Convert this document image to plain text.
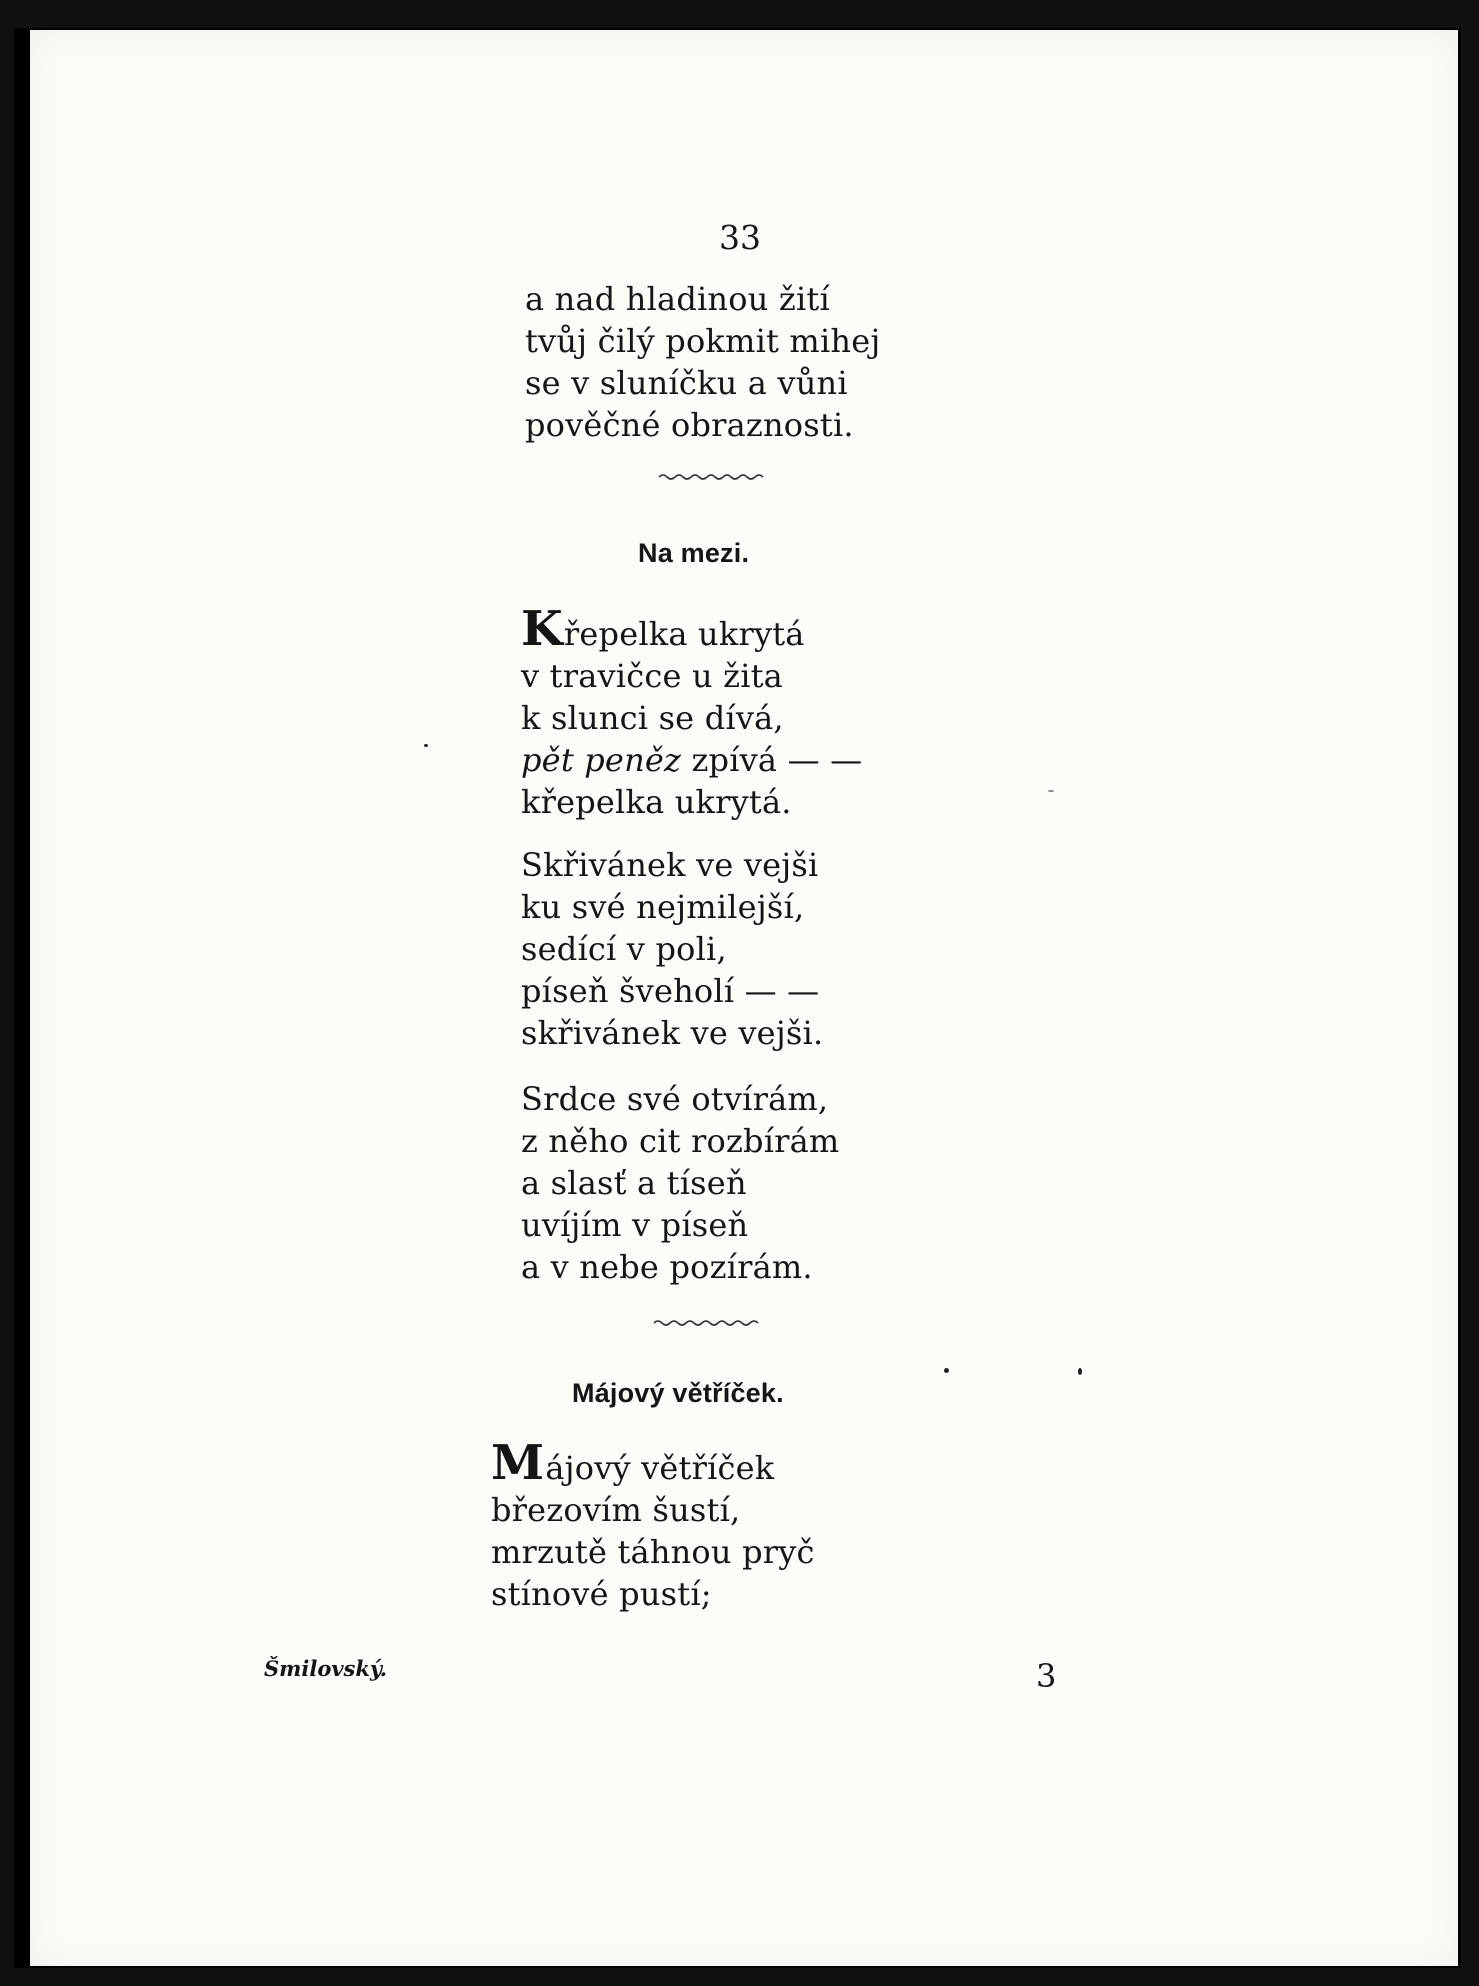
33
a nad hladinou žití
tvůj čilý pokmit mihej
se v sluníčku a vůni
pověčné obraznosti.
Na mezi.
Křepelka ukrytá
v travičce u žita
k slunci se dívá,
pět peněz zpívá — —
křepelka ukrytá.
Skřivánek ve vejši
ku své nejmilejší,
sedící v poli,
píseň šveholí — —
skřivánek ve vejši.
Srdce své otvírám,
z něho cit rozbírám
a slasť a tíseň
uvíjím v píseň
a v nebe pozírám.
Májový větříček.
Májový větříček
březovím šustí,
mrzutě táhnou pryč
stínové pustí;
Šmilovský.	3
